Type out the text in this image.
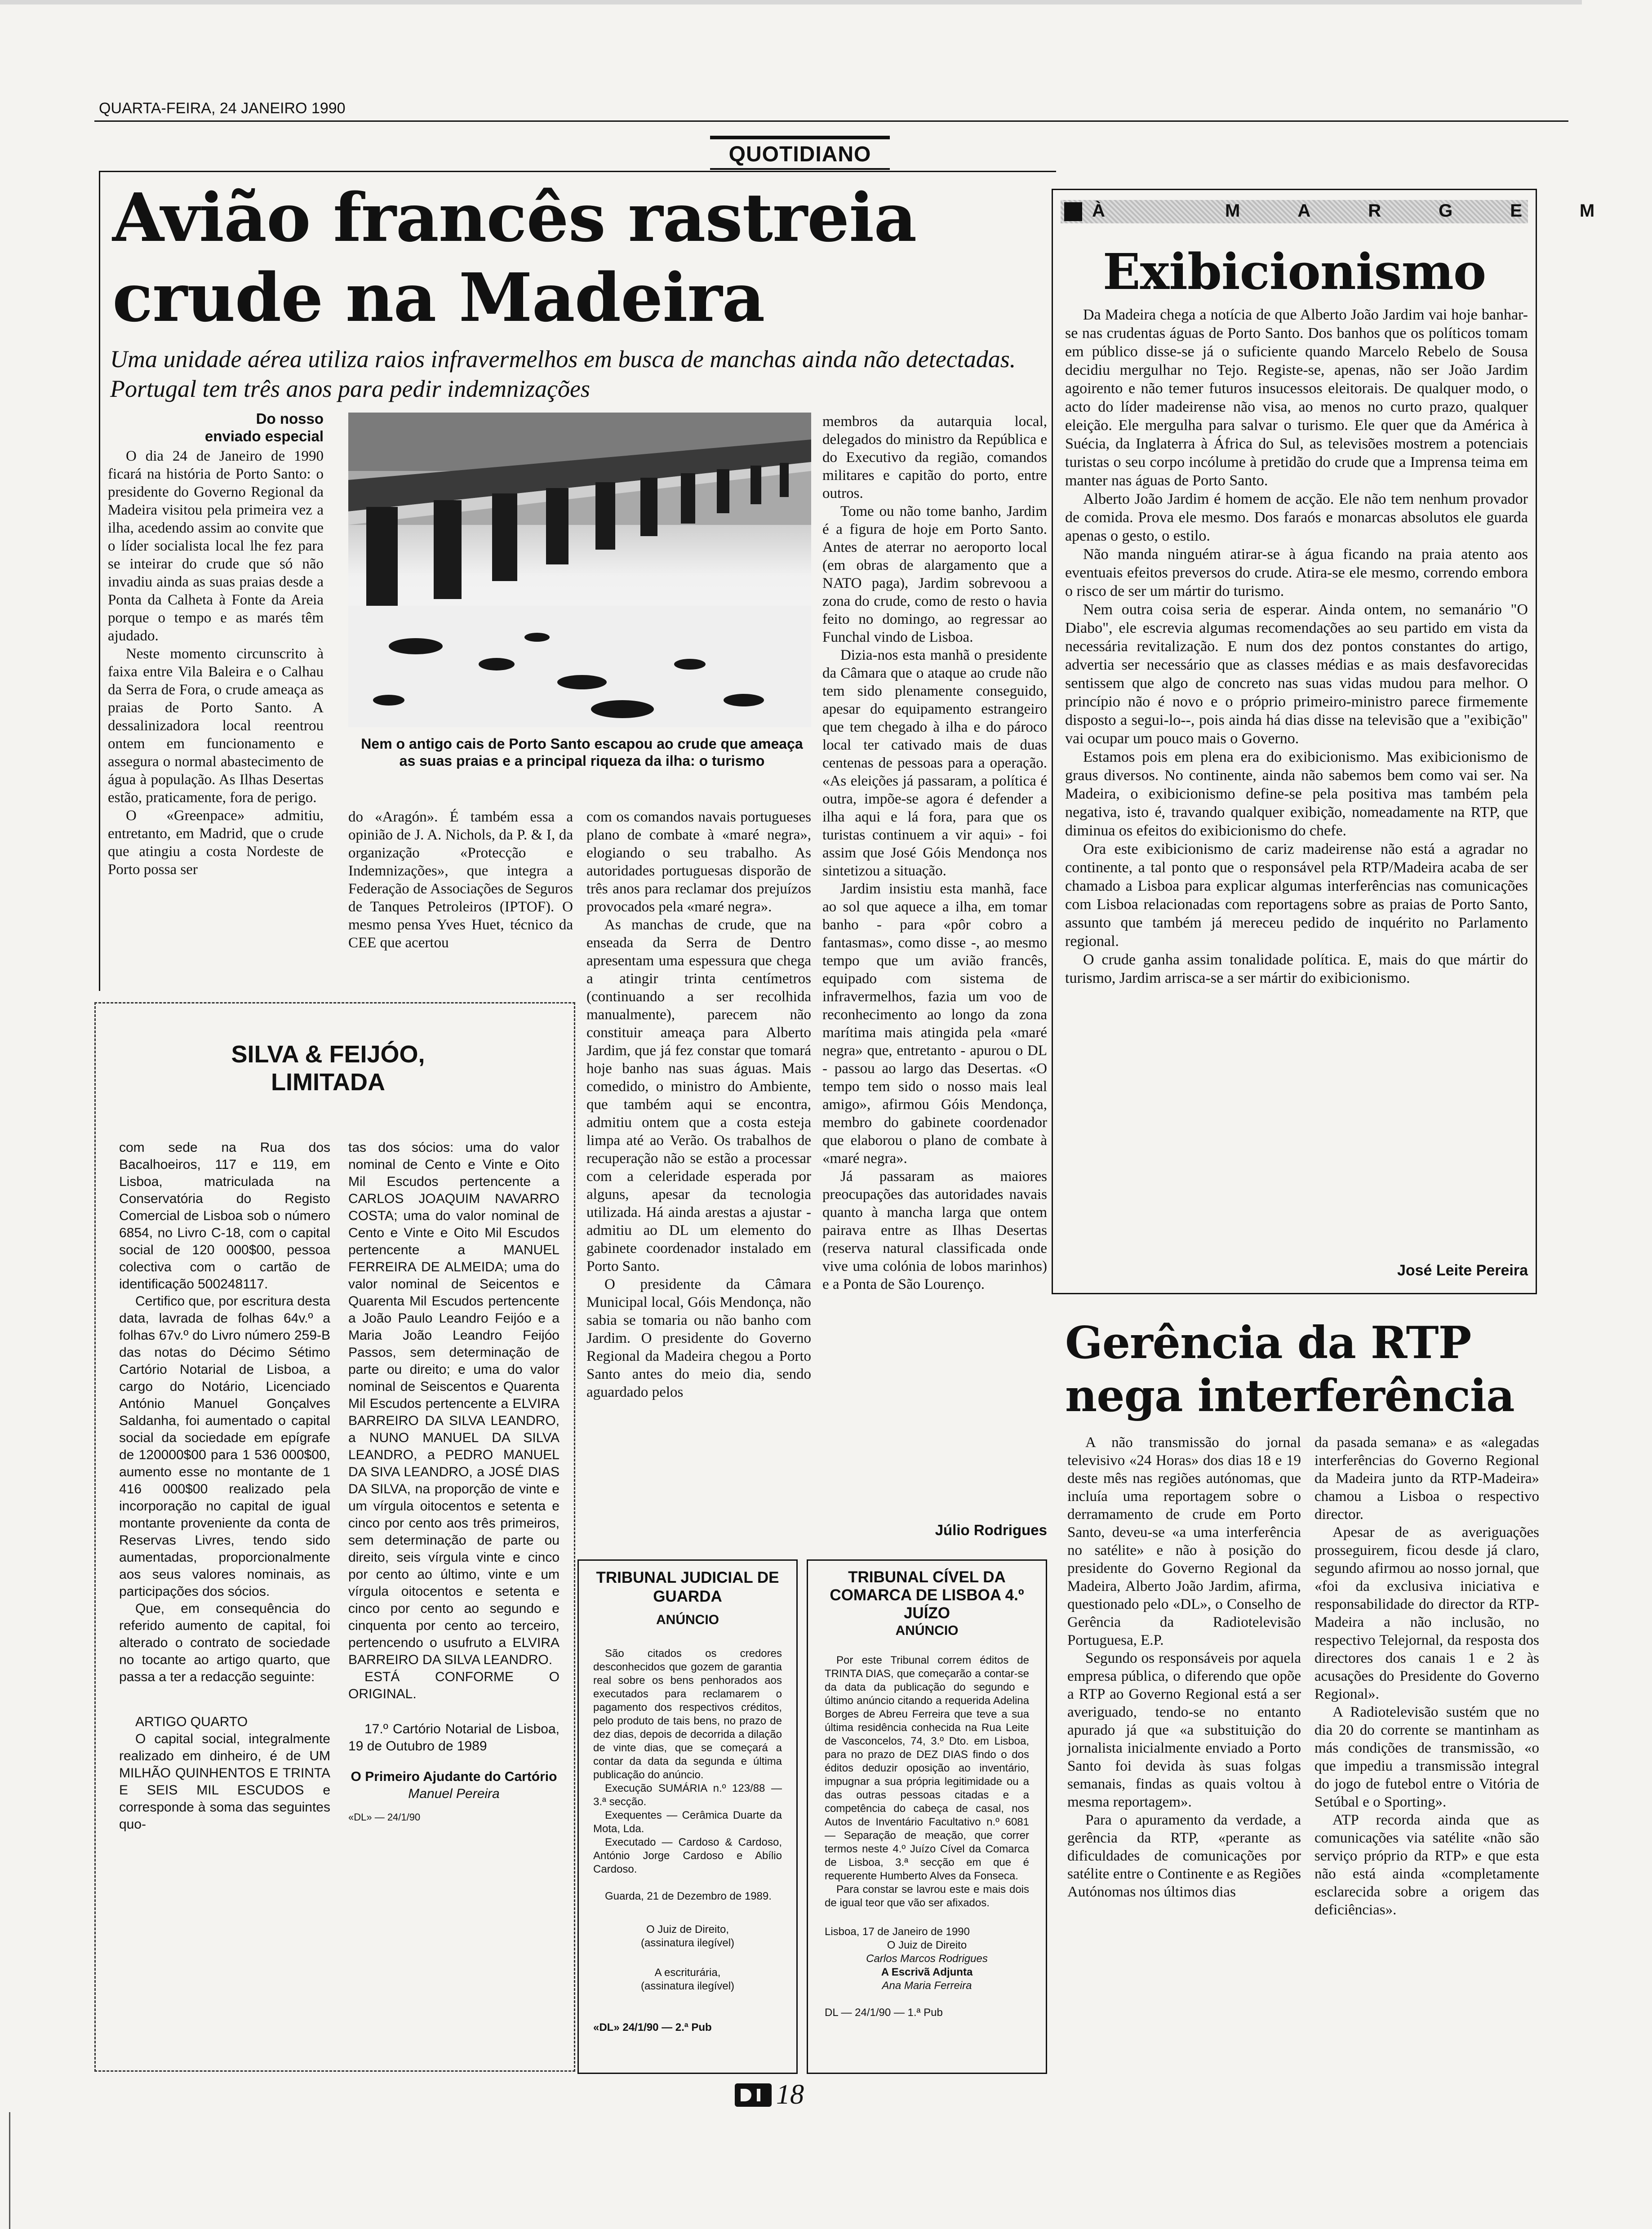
QUARTA-FEIRA, 24 JANEIRO 1990
QUOTIDIANO
Avião francês rastreia crude na Madeira
Uma unidade aérea utiliza raios infravermelhos em busca de manchas ainda não detectadas. Portugal tem três anos para pedir indemnizações
Do nosso enviado especial

O dia 24 de Janeiro de 1990 ficará na história de Porto Santo: o presidente do Governo Regional da Madeira visitou pela primeira vez a ilha, acedendo assim ao convite que o líder socialista local lhe fez para se inteirar do crude que só não invadiu ainda as suas praias desde a Ponta da Calheta à Fonte da Areia porque o tempo e as marés têm ajudado.

Neste momento circunscrito à faixa entre Vila Baleira e o Calhau da Serra de Fora, o crude ameaça as praias de Porto Santo. A dessalinizadora local reentrou ontem em funcionamento e assegura o normal abastecimento de água à população. As Ilhas Desertas estão, praticamente, fora de perigo.

O «Greenpace» admitiu, entretanto, em Madrid, que o crude que atingiu a costa Nordeste de Porto possa ser

Nem o antigo cais de Porto Santo escapou ao crude que ameaça as suas praias e a principal riqueza da ilha: o turismo

do «Aragón». É também essa a opinião de J. A. Nichols, da P. & I, da organização «Protecção e Indemnizações», que integra a Federação de Associações de Seguros de Tanques Petroleiros (IPTOF). O mesmo pensa Yves Huet, técnico da CEE que acertou

com os comandos navais portugueses plano de combate à «maré negra», elogiando o seu trabalho. As autoridades portuguesas disporão de três anos para reclamar dos prejuízos provocados pela «maré negra».

As manchas de crude, que na enseada da Serra de Dentro apresentam uma espessura que chega a atingir trinta centímetros (continuando a ser recolhida manualmente), parecem não constituir ameaça para Alberto Jardim, que já fez constar que tomará hoje banho nas suas águas. Mais comedido, o ministro do Ambiente, que também aqui se encontra, admitiu ontem que a costa esteja limpa até ao Verão. Os trabalhos de recuperação não se estão a processar com a celeridade esperada por alguns, apesar da tecnologia utilizada. Há ainda arestas a ajustar - admitiu ao DL um elemento do gabinete coordenador instalado em Porto Santo.

O presidente da Câmara Municipal local, Góis Mendonça, não sabia se tomaria ou não banho com Jardim. O presidente do Governo Regional da Madeira chegou a Porto Santo antes do meio dia, sendo aguardado pelos

membros da autarquia local, delegados do ministro da República e do Executivo da região, comandos militares e capitão do porto, entre outros.

Tome ou não tome banho, Jardim é a figura de hoje em Porto Santo. Antes de aterrar no aeroporto local (em obras de alargamento que a NATO paga), Jardim sobrevoou a zona do crude, como de resto o havia feito no domingo, ao regressar ao Funchal vindo de Lisboa.

Dizia-nos esta manhã o presidente da Câmara que o ataque ao crude não tem sido plenamente conseguido, apesar do equipamento estrangeiro que tem chegado à ilha e do pároco local ter cativado mais de duas centenas de pessoas para a operação. «As eleições já passaram, a política é outra, impõe-se agora é defender a ilha aqui e lá fora, para que os turistas continuem a vir aqui» - foi assim que José Góis Mendonça nos sintetizou a situação.

Jardim insistiu esta manhã, face ao sol que aquece a ilha, em tomar banho - para «pôr cobro a fantasmas», como disse -, ao mesmo tempo que um avião francês, equipado com sistema de infravermelhos, fazia um voo de reconhecimento ao longo da zona marítima mais atingida pela «maré negra» que, entretanto - apurou o DL - passou ao largo das Desertas. «O tempo tem sido o nosso mais leal amigo», afirmou Góis Mendonça, membro do gabinete coordenador que elaborou o plano de combate à «maré negra».

Já passaram as maiores preocupações das autoridades navais quanto à mancha larga que ontem pairava entre as Ilhas Desertas (reserva natural classificada onde vive uma colónia de lobos marinhos) e a Ponta de São Lourenço.

Júlio Rodrigues
À MARGEM
Exibicionismo

Da Madeira chega a notícia de que Alberto João Jardim vai hoje banhar-se nas crudentas águas de Porto Santo. Dos banhos que os políticos tomam em público disse-se já o suficiente quando Marcelo Rebelo de Sousa decidiu mergulhar no Tejo. Registe-se, apenas, não ser João Jardim agoirento e não temer futuros insucessos eleitorais. De qualquer modo, o acto do líder madeirense não visa, ao menos no curto prazo, qualquer eleição. Ele mergulha para salvar o turismo. Ele quer que da América à Suécia, da Inglaterra à África do Sul, as televisões mostrem a potenciais turistas o seu corpo incólume à pretidão do crude que a Imprensa teima em manter nas águas de Porto Santo.

Alberto João Jardim é homem de acção. Ele não tem nenhum provador de comida. Prova ele mesmo. Dos faraós e monarcas absolutos ele guarda apenas o gesto, o estilo.

Não manda ninguém atirar-se à água ficando na praia atento aos eventuais efeitos preversos do crude. Atira-se ele mesmo, correndo embora o risco de ser um mártir do turismo.

Nem outra coisa seria de esperar. Ainda ontem, no semanário "O Diabo", ele escrevia algumas recomendações ao seu partido em vista da necessária revitalização. E num dos dez pontos constantes do artigo, advertia ser necessário que as classes médias e as mais desfavorecidas sentissem que algo de concreto nas suas vidas mudou para melhor. O princípio não é novo e o próprio primeiro-ministro parece firmemente disposto a segui-lo--, pois ainda há dias disse na televisão que a "exibição" vai ocupar um pouco mais o Governo.

Estamos pois em plena era do exibicionismo. Mas exibicionismo de graus diversos. No continente, ainda não sabemos bem como vai ser. Na Madeira, o exibicionismo define-se pela positiva mas também pela negativa, isto é, travando qualquer exibição, nomeadamente na RTP, que diminua os efeitos do exibicionismo do chefe.

Ora este exibicionismo de cariz madeirense não está a agradar no continente, a tal ponto que o responsável pela RTP/Madeira acaba de ser chamado a Lisboa para explicar algumas interferências nas comunicações com Lisboa relacionadas com reportagens sobre as praias de Porto Santo, assunto que também já mereceu pedido de inquérito no Parlamento regional.

O crude ganha assim tonalidade política. E, mais do que mártir do turismo, Jardim arrisca-se a ser mártir do exibicionismo.

José Leite Pereira
Gerência da RTP nega interferência

A não transmissão do jornal televisivo «24 Horas» dos dias 18 e 19 deste mês nas regiões autónomas, que incluía uma reportagem sobre o derramamento de crude em Porto Santo, deveu-se «a uma interferência no satélite» e não à posição do presidente do Governo Regional da Madeira, Alberto João Jardim, afirma, questionado pelo «DL», o Conselho de Gerência da Radiotelevisão Portuguesa, E.P.

Segundo os responsáveis por aquela empresa pública, o diferendo que opõe a RTP ao Governo Regional está a ser averiguado, tendo-se no entanto apurado já que «a substituição do jornalista inicialmente enviado a Porto Santo foi devida às suas folgas semanais, findas as quais voltou à mesma reportagem».

Para o apuramento da verdade, a gerência da RTP, «perante as dificuldades de comunicações por satélite entre o Continente e as Regiões Autónomas nos últimos dias

da pasada semana» e as «alegadas interferências do Governo Regional da Madeira junto da RTP-Madeira» chamou a Lisboa o respectivo director.

Apesar de as averiguações prosseguirem, ficou desde já claro, segundo afirmou ao nosso jornal, que «foi da exclusiva iniciativa e responsabilidade do director da RTP-Madeira a não inclusão, no respectivo Telejornal, da resposta dos directores dos canais 1 e 2 às acusações do Presidente do Governo Regional».

A Radiotelevisão sustém que no dia 20 do corrente se mantinham as más condições de transmissão, «o que impediu a transmissão integral do jogo de futebol entre o Vitória de Setúbal e o Sporting».

ATP recorda ainda que as comunicações via satélite «não são serviço próprio da RTP» e que esta não está ainda «completamente esclarecida sobre a origem das deficiências».

SILVA & FEIJÓO, LIMITADA

com sede na Rua dos Bacalhoeiros, 117 e 119, em Lisboa, matriculada na Conservatória do Registo Comercial de Lisboa sob o número 6854, no Livro C-18, com o capital social de 120 000$00, pessoa colectiva com o cartão de identificação 500248117.

Certifico que, por escritura desta data, lavrada de folhas 64v.º a folhas 67v.º do Livro número 259-B das notas do Décimo Sétimo Cartório Notarial de Lisboa, a cargo do Notário, Licenciado António Manuel Gonçalves Saldanha, foi aumentado o capital social da sociedade em epígrafe de 120000$00 para 1 536 000$00, aumento esse no montante de 1 416 000$00 realizado pela incorporação no capital de igual montante proveniente da conta de Reservas Livres, tendo sido aumentadas, proporcionalmente aos seus valores nominais, as participações dos sócios.

Que, em consequência do referido aumento de capital, foi alterado o contrato de sociedade no tocante ao artigo quarto, que passa a ter a redacção seguinte:

ARTIGO QUARTO

O capital social, integralmente realizado em dinheiro, é de UM MILHÃO QUINHENTOS E TRINTA E SEIS MIL ESCUDOS e corresponde à soma das seguintes quo-

tas dos sócios: uma do valor nominal de Cento e Vinte e Oito Mil Escudos pertencente a CARLOS JOAQUIM NAVARRO COSTA; uma do valor nominal de Cento e Vinte e Oito Mil Escudos pertencente a MANUEL FERREIRA DE ALMEIDA; uma do valor nominal de Seicentos e Quarenta Mil Escudos pertencente a João Paulo Leandro Feijóo e a Maria João Leandro Feijóo Passos, sem determinação de parte ou direito; e uma do valor nominal de Seiscentos e Quarenta Mil Escudos pertencente a ELVIRA BARREIRO DA SILVA LEANDRO, a NUNO MANUEL DA SILVA LEANDRO, a PEDRO MANUEL DA SIVA LEANDRO, a JOSÉ DIAS DA SILVA, na proporção de vinte e um vírgula oitocentos e setenta e cinco por cento aos três primeiros, sem determinação de parte ou direito, seis vírgula vinte e cinco por cento ao último, vinte e um vírgula oitocentos e setenta e cinco por cento ao segundo e cinquenta por cento ao terceiro, pertencendo o usufruto a ELVIRA BARREIRO DA SILVA LEANDRO.

ESTÁ CONFORME O ORIGINAL.

17.º Cartório Notarial de Lisboa, 19 de Outubro de 1989

O Primeiro Ajudante do Cartório

Manuel Pereira

«DL» — 24/1/90

TRIBUNAL JUDICIAL DE GUARDA
ANÚNCIO

São citados os credores desconhecidos que gozem de garantia real sobre os bens penhorados aos executados para reclamarem o pagamento dos respectivos créditos, pelo produto de tais bens, no prazo de dez dias, depois de decorrida a dilação de vinte dias, que se começará a contar da data da segunda e última publicação do anúncio.

Execução SUMÁRIA n.º 123/88 — 3.ª secção.

Exequentes — Cerâmica Duarte da Mota, Lda.

Executado — Cardoso & Cardoso, António Jorge Cardoso e Abílio Cardoso.

Guarda, 21 de Dezembro de 1989.

O Juiz de Direito,

(assinatura ilegível)

A escriturária,

(assinatura ilegível)

«DL» 24/1/90 — 2.ª Pub

TRIBUNAL CÍVEL DA COMARCA DE LISBOA 4.º JUÍZO
ANÚNCIO

Por este Tribunal correm éditos de TRINTA DIAS, que começarão a contar-se da data da publicação do segundo e último anúncio citando a requerida Adelina Borges de Abreu Ferreira que teve a sua última residência conhecida na Rua Leite de Vasconcelos, 74, 3.º Dto. em Lisboa, para no prazo de DEZ DIAS findo o dos éditos deduzir oposição ao inventário, impugnar a sua própria legitimidade ou a das outras pessoas citadas e a competência do cabeça de casal, nos Autos de Inventário Facultativo n.º 6081 — Separação de meação, que correr termos neste 4.º Juízo Cível da Comarca de Lisboa, 3.ª secção em que é requerente Humberto Alves da Fonseca.

Para constar se lavrou este e mais dois de igual teor que vão ser afixados.

Lisboa, 17 de Janeiro de 1990

O Juiz de Direito

Carlos Marcos Rodrigues

A Escrivã Adjunta

Ana Maria Ferreira

DL — 24/1/90 — 1.ª Pub

18
